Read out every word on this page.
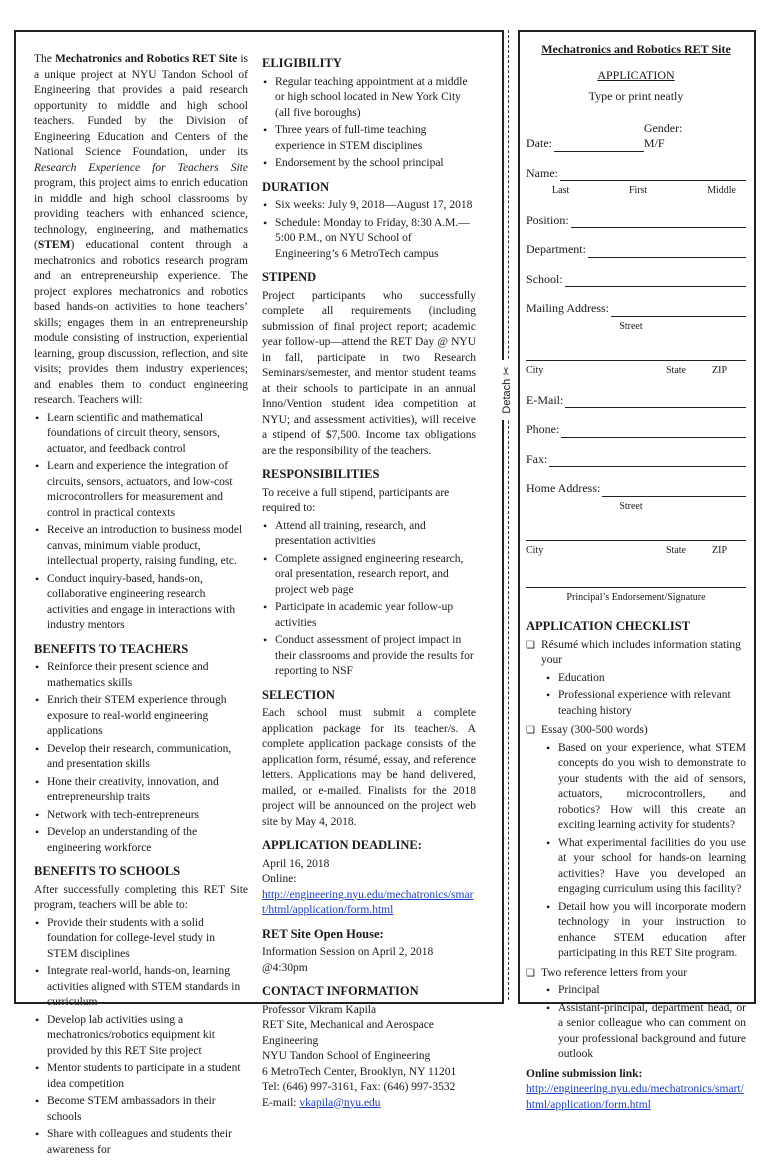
Detach ✂

The Mechatronics and Robotics RET Site is a unique project at NYU Tandon School of Engineering that provides a paid research opportunity to middle and high school teachers. Funded by the Division of Engineering Education and Centers of the National Science Foundation, under its Research Experience for Teachers Site program, this project aims to enrich education in middle and high school classrooms by providing teachers with enhanced science, technology, engineering, and mathematics (STEM) educational content through a mechatronics and robotics research program and an entrepreneurship experience. The project explores mechatronics and robotics based hands-on activities to hone teachers’ skills; engages them in an entrepreneurship module consisting of instruction, experiential learning, group discussion, reflection, and site visits; provides them industry experiences; and enables them to conduct engineering research. Teachers will:

• Learn scientific and mathematical foundations of circuit theory, sensors, actuator, and feedback control
• Learn and experience the integration of circuits, sensors, actuators, and low-cost microcontrollers for measurement and control in practical contexts
• Receive an introduction to business model canvas, minimum viable product, intellectual property, raising funding, etc.
• Conduct inquiry-based, hands-on, collaborative engineering research activities and engage in interactions with industry mentors
BENEFITS TO TEACHERS
• Reinforce their present science and mathematics skills
• Enrich their STEM experience through exposure to real-world engineering applications
• Develop their research, communication, and presentation skills
• Hone their creativity, innovation, and entrepreneurship traits
• Network with tech-entrepreneurs
• Develop an understanding of the engineering workforce
BENEFITS TO SCHOOLS

After successfully completing this RET Site program, teachers will be able to:

• Provide their students with a solid foundation for college-level study in STEM disciplines
• Integrate real-world, hands-on, learning activities aligned with STEM standards in curriculum
• Develop lab activities using a mechatronics/robotics equipment kit provided by this RET Site project
• Mentor students to participate in a student idea competition
• Become STEM ambassadors in their schools
• Share with colleagues and students their awareness for
ELIGIBILITY
• Regular teaching appointment at a middle or high school located in New York City (all five boroughs)
• Three years of full-time teaching experience in STEM disciplines
• Endorsement by the school principal
DURATION
• Six weeks: July 9, 2018—August 17, 2018
• Schedule: Monday to Friday, 8:30 A.M.—5:00 P.M., on NYU School of Engineering’s 6 MetroTech campus
STIPEND

Project participants who successfully complete all requirements (including submission of final project report; academic year follow-up—attend the RET Day @ NYU in fall, participate in two Research Seminars/semester, and mentor student teams at their schools to participate in an annual Inno/Vention student idea competition at NYU; and assessment activities), will receive a stipend of $7,500. Income tax obligations are the responsibility of the teachers.

RESPONSIBILITIES

To receive a full stipend, participants are required to:

• Attend all training, research, and presentation activities
• Complete assigned engineering research, oral presentation, research report, and project web page
• Participate in academic year follow-up activities
• Conduct assessment of project impact in their classrooms and provide the results for reporting to NSF
SELECTION

Each school must submit a complete application package for its teacher/s. A complete application package consists of the application form, résumé, essay, and reference letters. Applications may be hand delivered, mailed, or e-mailed. Finalists for the 2018 project will be announced on the project web site by May 4, 2018.

APPLICATION DEADLINE:

April 16, 2018

Online:

http://engineering.nyu.edu/mechatronics/smart/html/application/form.html

RET Site Open House:

Information Session on April 2, 2018 @4:30pm

CONTACT INFORMATION

Professor Vikram Kapila

RET Site, Mechanical and Aerospace Engineering

NYU Tandon School of Engineering

6 MetroTech Center, Brooklyn, NY 11201

Tel: (646) 997-3161, Fax: (646) 997-3532

E-mail: vkapila@nyu.edu

Mechatronics and Robotics RET Site
APPLICATION
Type or print neatly
Date:
Gender: M/F
Name:
Last	First	Middle
Position:
Department:
School:
Mailing Address:
Street
City	State	ZIP
E-Mail:
Phone:
Fax:
Home Address:
Street
City	State	ZIP
Principal’s Endorsement/Signature
APPLICATION CHECKLIST
❏ Résumé which includes information stating your
• Education
• Professional experience with relevant teaching history
❏ Essay (300-500 words)
• Based on your experience, what STEM concepts do you wish to demonstrate to your students with the aid of sensors, actuators, microcontrollers, and robotics? How will this create an exciting learning activity for students?
• What experimental facilities do you use at your school for hands-on learning activities? Have you developed an engaging curriculum using this facility?
• Detail how you will incorporate modern technology in your instruction to enhance STEM education after participating in this RET Site program.
❏ Two reference letters from your
• Principal
• Assistant-principal, department head, or a senior colleague who can comment on your professional background and future outlook

Online submission link:

http://engineering.nyu.edu/mechatronics/smart/html/application/form.html
